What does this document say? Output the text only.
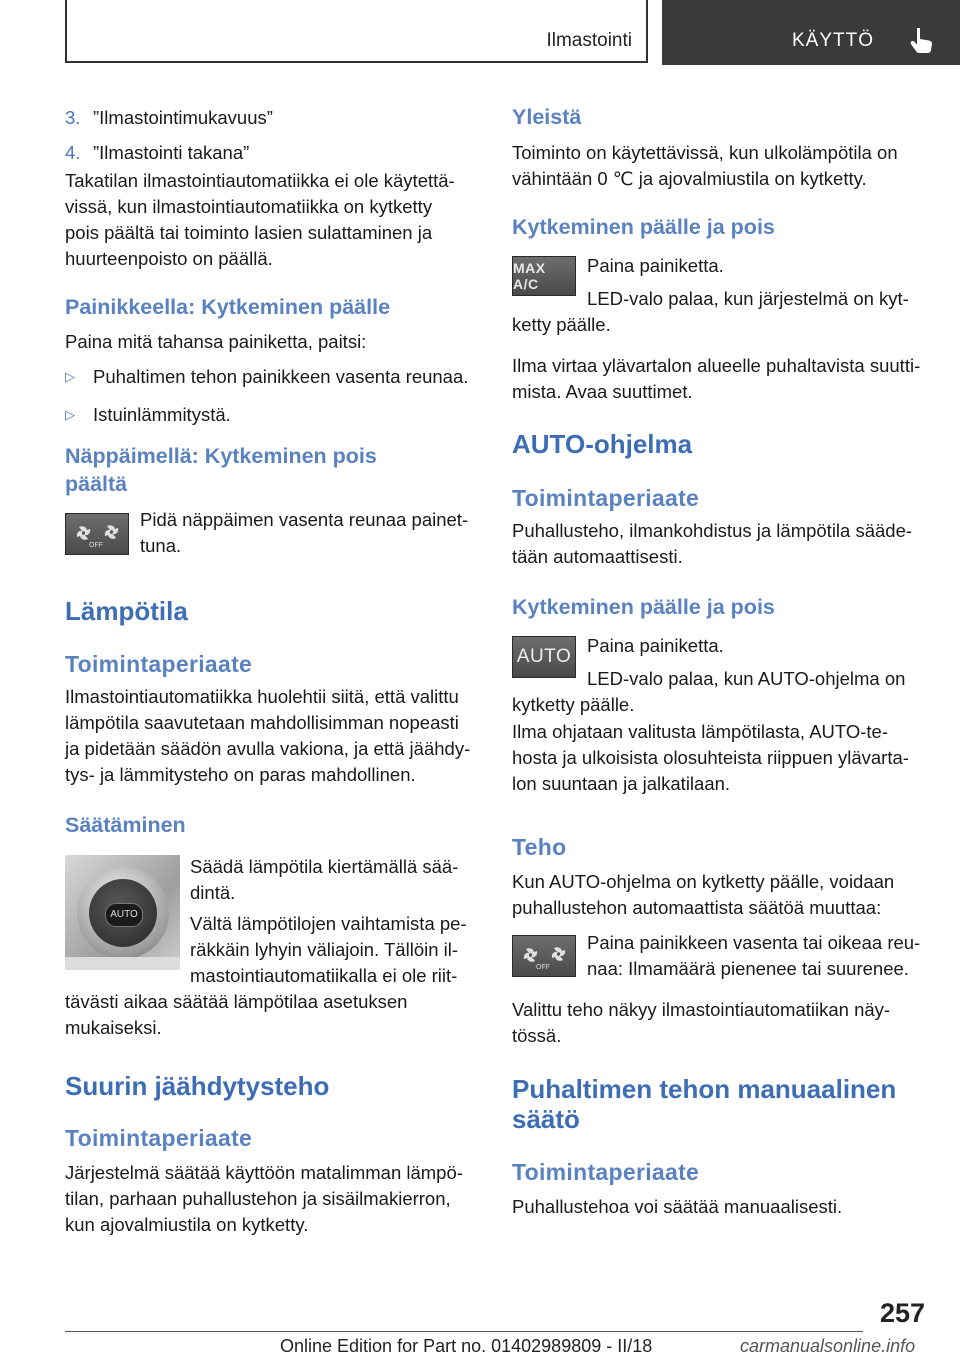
Ilmastointi	KÄYTTÖ

3. ”Ilmastointimukavuus”

4. ”Ilmastointi takana”

Takatilan ilmastointiautomatiikka ei ole käytettä‐

vissä, kun ilmastointiautomatiikka on kytketty

pois päältä tai toiminto lasien sulattaminen ja

huurteenpoisto on päällä.

Painikkeella: Kytkeminen päälle

Paina mitä tahansa painiketta, paitsi:

▷ Puhaltimen tehon painikkeen vasenta reunaa.

▷ Istuinlämmitystä.

Näppäimellä: Kytkeminen pois

päältä

OFF

Pidä näppäimen vasenta reunaa painet‐

tuna.

Lämpötila

Toimintaperiaate

Ilmastointiautomatiikka huolehtii siitä, että valittu

lämpötila saavutetaan mahdollisimman nopeasti

ja pidetään säädön avulla vakiona, ja että jäähdy‐

tys- ja lämmitysteho on paras mahdollinen.

Säätäminen

AUTO

Säädä lämpötila kiertämällä sää‐

dintä.

Vältä lämpötilojen vaihtamista pe‐

räkkäin lyhyin väliajoin. Tällöin il‐

mastointiautomatiikalla ei ole riit‐

tävästi aikaa säätää lämpötilaa asetuksen

mukaiseksi.

Suurin jäähdytysteho

Toimintaperiaate

Järjestelmä säätää käyttöön matalimman lämpö‐

tilan, parhaan puhallustehon ja sisäilmakierron,

kun ajovalmiustila on kytketty.

Yleistä

Toiminto on käytettävissä, kun ulkolämpötila on

vähintään 0 ℃ ja ajovalmiustila on kytketty.

Kytkeminen päälle ja pois

MAX A/C

Paina painiketta.

LED-valo palaa, kun järjestelmä on kyt‐

ketty päälle.

Ilma virtaa ylävartalon alueelle puhaltavista suutti‐

mista. Avaa suuttimet.

AUTO-ohjelma

Toimintaperiaate

Puhallusteho, ilmankohdistus ja lämpötila sääde‐

tään automaattisesti.

Kytkeminen päälle ja pois

AUTO

Paina painiketta.

LED-valo palaa, kun AUTO-ohjelma on

kytketty päälle.

Ilma ohjataan valitusta lämpötilasta, AUTO-te‐

hosta ja ulkoisista olosuhteista riippuen ylävarta‐

lon suuntaan ja jalkatilaan.

Teho

Kun AUTO-ohjelma on kytketty päälle, voidaan

puhallustehon automaattista säätöä muuttaa:

OFF

Paina painikkeen vasenta tai oikeaa reu‐

naa: Ilmamäärä pienenee tai suurenee.

Valittu teho näkyy ilmastointiautomatiikan näy‐

tössä.

Puhaltimen tehon manuaalinen

säätö

Toimintaperiaate

Puhallustehoa voi säätää manuaalisesti.

257
Online Edition for Part no. 01402989809 - II/18	carmanualsonline.info
